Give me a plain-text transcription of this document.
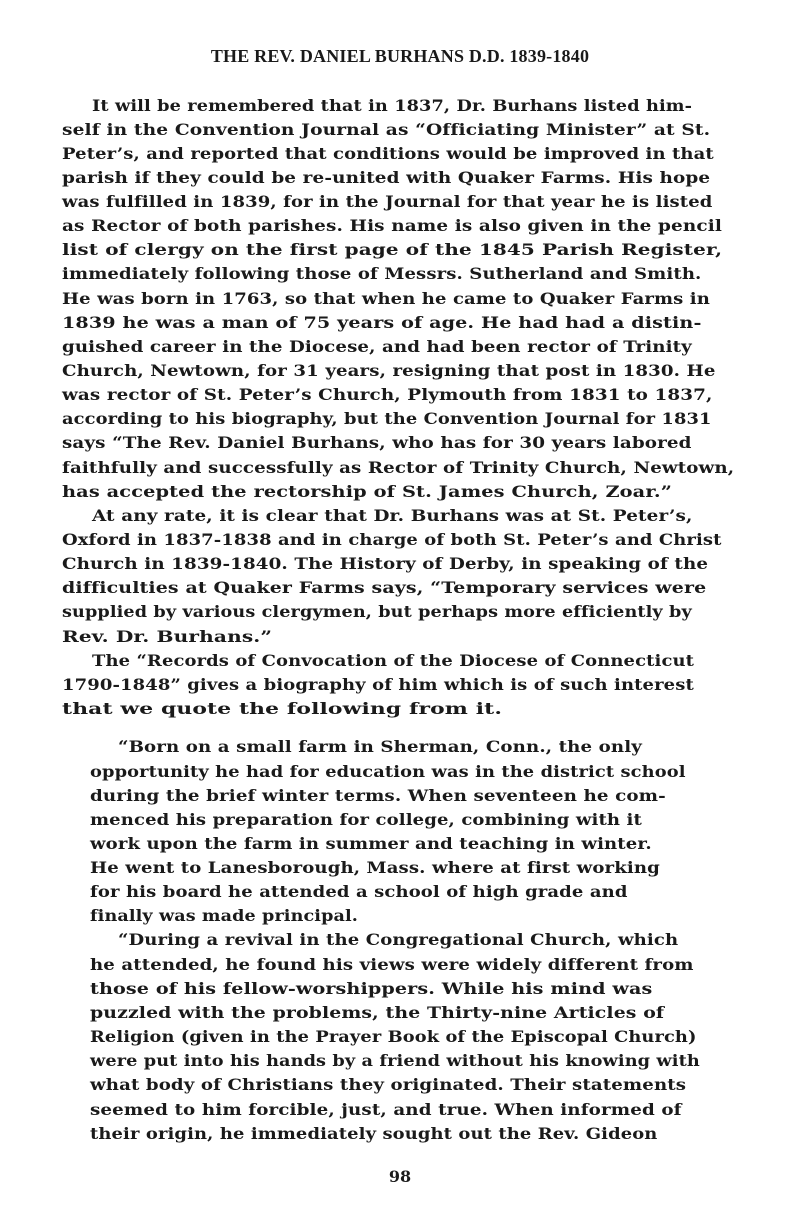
THE REV. DANIEL BURHANS D.D. 1839-1840
It will be remembered that in 1837, Dr. Burhans listed him-
self in the Convention Journal as “Officiating Minister” at St.
Peter’s, and reported that conditions would be improved in that
parish if they could be re-united with Quaker Farms. His hope
was fulfilled in 1839, for in the Journal for that year he is listed
as Rector of both parishes. His name is also given in the pencil
list of clergy on the first page of the 1845 Parish Register,
immediately following those of Messrs. Sutherland and Smith.
He was born in 1763, so that when he came to Quaker Farms in
1839 he was a man of 75 years of age. He had had a distin-
guished career in the Diocese, and had been rector of Trinity
Church, Newtown, for 31 years, resigning that post in 1830. He
was rector of St. Peter’s Church, Plymouth from 1831 to 1837,
according to his biography, but the Convention Journal for 1831
says “The Rev. Daniel Burhans, who has for 30 years labored
faithfully and successfully as Rector of Trinity Church, Newtown,
has accepted the rectorship of St. James Church, Zoar.”
At any rate, it is clear that Dr. Burhans was at St. Peter’s,
Oxford in 1837-1838 and in charge of both St. Peter’s and Christ
Church in 1839-1840. The History of Derby, in speaking of the
difficulties at Quaker Farms says, “Temporary services were
supplied by various clergymen, but perhaps more efficiently by
Rev. Dr. Burhans.”
The “Records of Convocation of the Diocese of Connecticut
1790-1848” gives a biography of him which is of such interest
that we quote the following from it.
“Born on a small farm in Sherman, Conn., the only
opportunity he had for education was in the district school
during the brief winter terms. When seventeen he com-
menced his preparation for college, combining with it
work upon the farm in summer and teaching in winter.
He went to Lanesborough, Mass. where at first working
for his board he attended a school of high grade and
finally was made principal.
“During a revival in the Congregational Church, which
he attended, he found his views were widely different from
those of his fellow-worshippers. While his mind was
puzzled with the problems, the Thirty-nine Articles of
Religion (given in the Prayer Book of the Episcopal Church)
were put into his hands by a friend without his knowing with
what body of Christians they originated. Their statements
seemed to him forcible, just, and true. When informed of
their origin, he immediately sought out the Rev. Gideon
98
